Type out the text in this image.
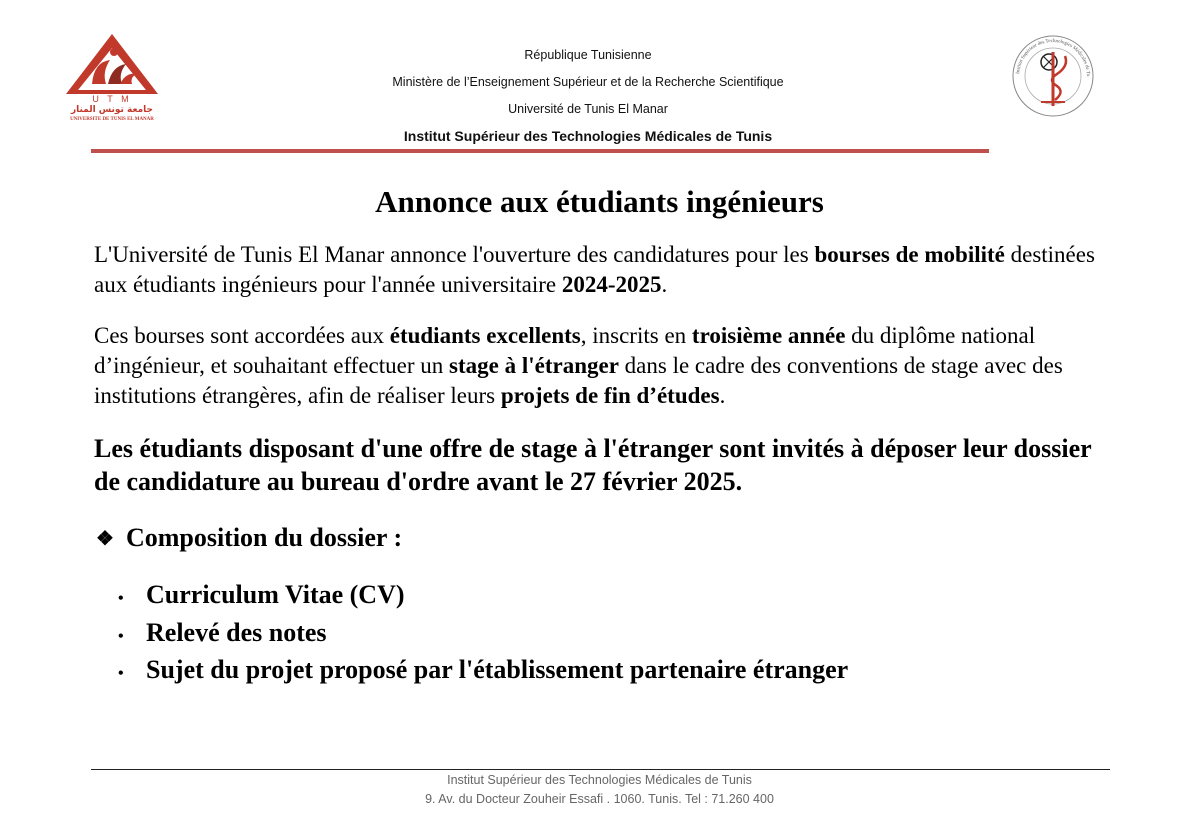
U T M
جامعة تونس المنار
UNIVERSITE DE TUNIS EL MANAR
République Tunisienne
Ministère de l’Enseignement Supérieur et de la Recherche Scientifique
Université de Tunis El Manar
Institut Supérieur des Technologies Médicales de Tunis
Institut Supérieur des Technologies Médicales de Tu
Annonce aux étudiants ingénieurs
L'Université de Tunis El Manar annonce l'ouverture des candidatures pour les bourses de mobilité destinées aux étudiants ingénieurs pour l'année universitaire 2024-2025.
Ces bourses sont accordées aux étudiants excellents, inscrits en troisième année du diplôme national d’ingénieur, et souhaitant effectuer un stage à l'étranger dans le cadre des conventions de stage avec des institutions étrangères, afin de réaliser leurs projets de fin d’études.
Les étudiants disposant d'une offre de stage à l'étranger sont invités à déposer leur dossier de candidature au bureau d'ordre avant le 27 février 2025.
❖ Composition du dossier :
• Curriculum Vitae (CV)
• Relevé des notes
• Sujet du projet proposé par l'établissement partenaire étranger
Institut Supérieur des Technologies Médicales de Tunis
9. Av. du Docteur Zouheir Essafi . 1060. Tunis. Tel : 71.260 400
